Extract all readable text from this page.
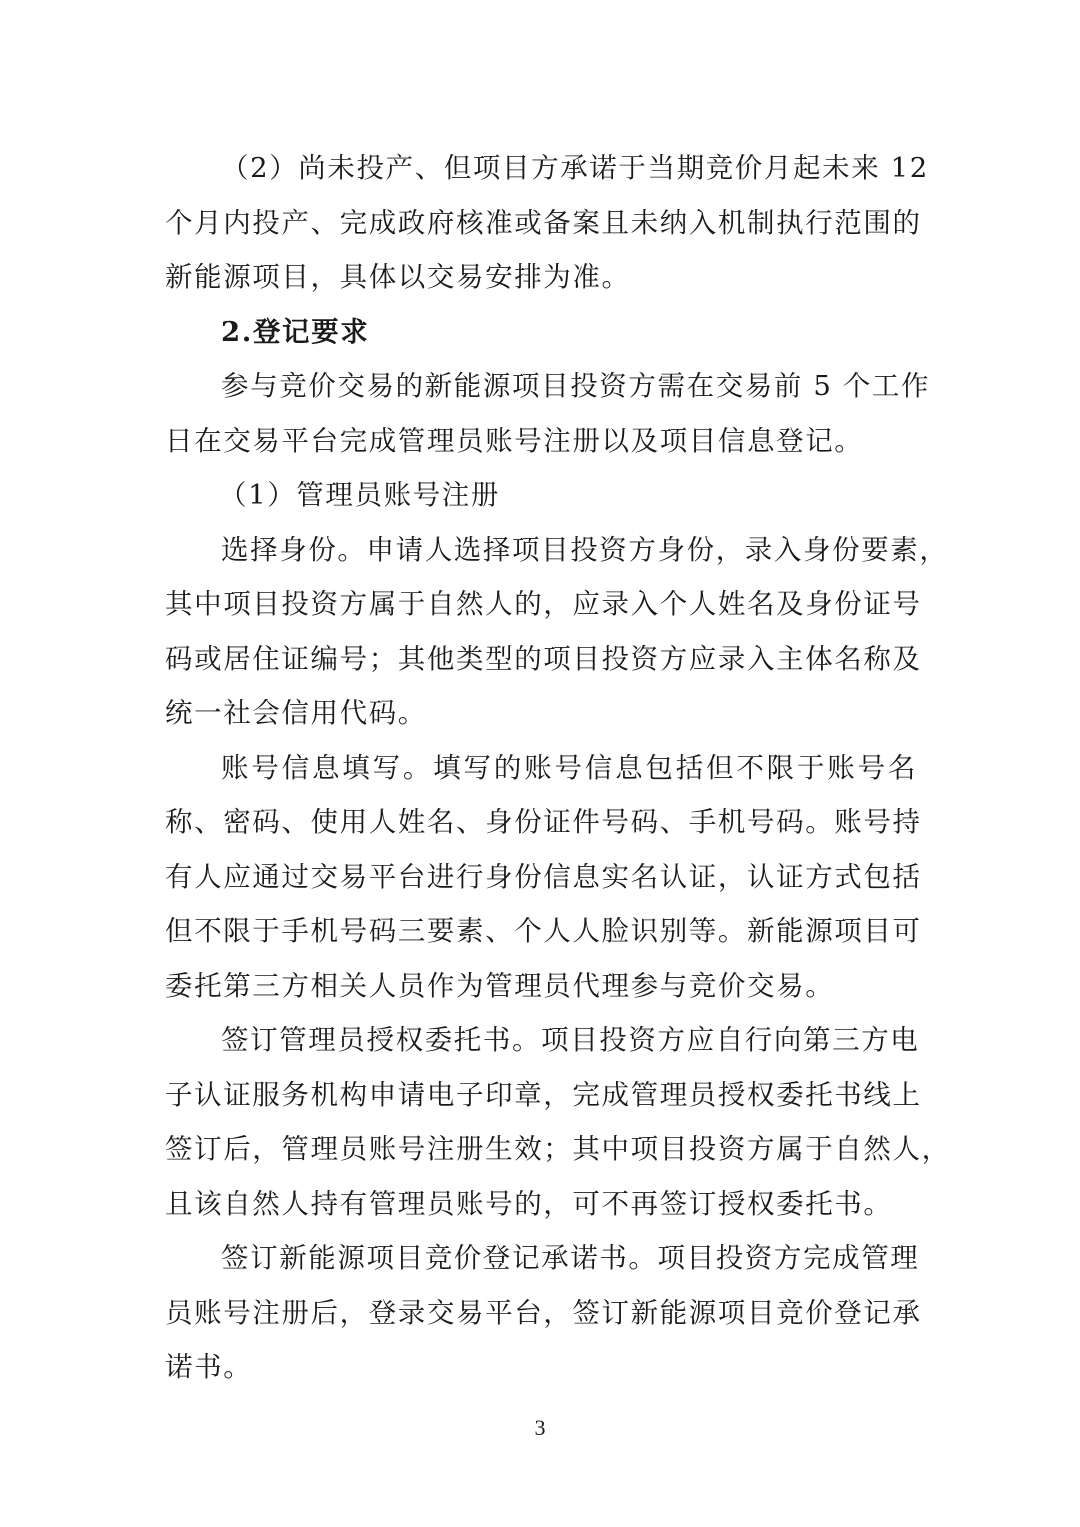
（2）尚未投产、但项目方承诺于当期竞价月起未来 12
个月内投产、完成政府核准或备案且未纳入机制执行范围的
新能源项目，具体以交易安排为准。
2.登记要求
参与竞价交易的新能源项目投资方需在交易前 5 个工作
日在交易平台完成管理员账号注册以及项目信息登记。
（1）管理员账号注册
选择身份。申请人选择项目投资方身份，录入身份要素，
其中项目投资方属于自然人的，应录入个人姓名及身份证号
码或居住证编号；其他类型的项目投资方应录入主体名称及
统一社会信用代码。
账号信息填写。填写的账号信息包括但不限于账号名
称、密码、使用人姓名、身份证件号码、手机号码。账号持
有人应通过交易平台进行身份信息实名认证，认证方式包括
但不限于手机号码三要素、个人人脸识别等。新能源项目可
委托第三方相关人员作为管理员代理参与竞价交易。
签订管理员授权委托书。项目投资方应自行向第三方电
子认证服务机构申请电子印章，完成管理员授权委托书线上
签订后，管理员账号注册生效；其中项目投资方属于自然人，
且该自然人持有管理员账号的，可不再签订授权委托书。
签订新能源项目竞价登记承诺书。项目投资方完成管理
员账号注册后，登录交易平台，签订新能源项目竞价登记承
诺书。
3
